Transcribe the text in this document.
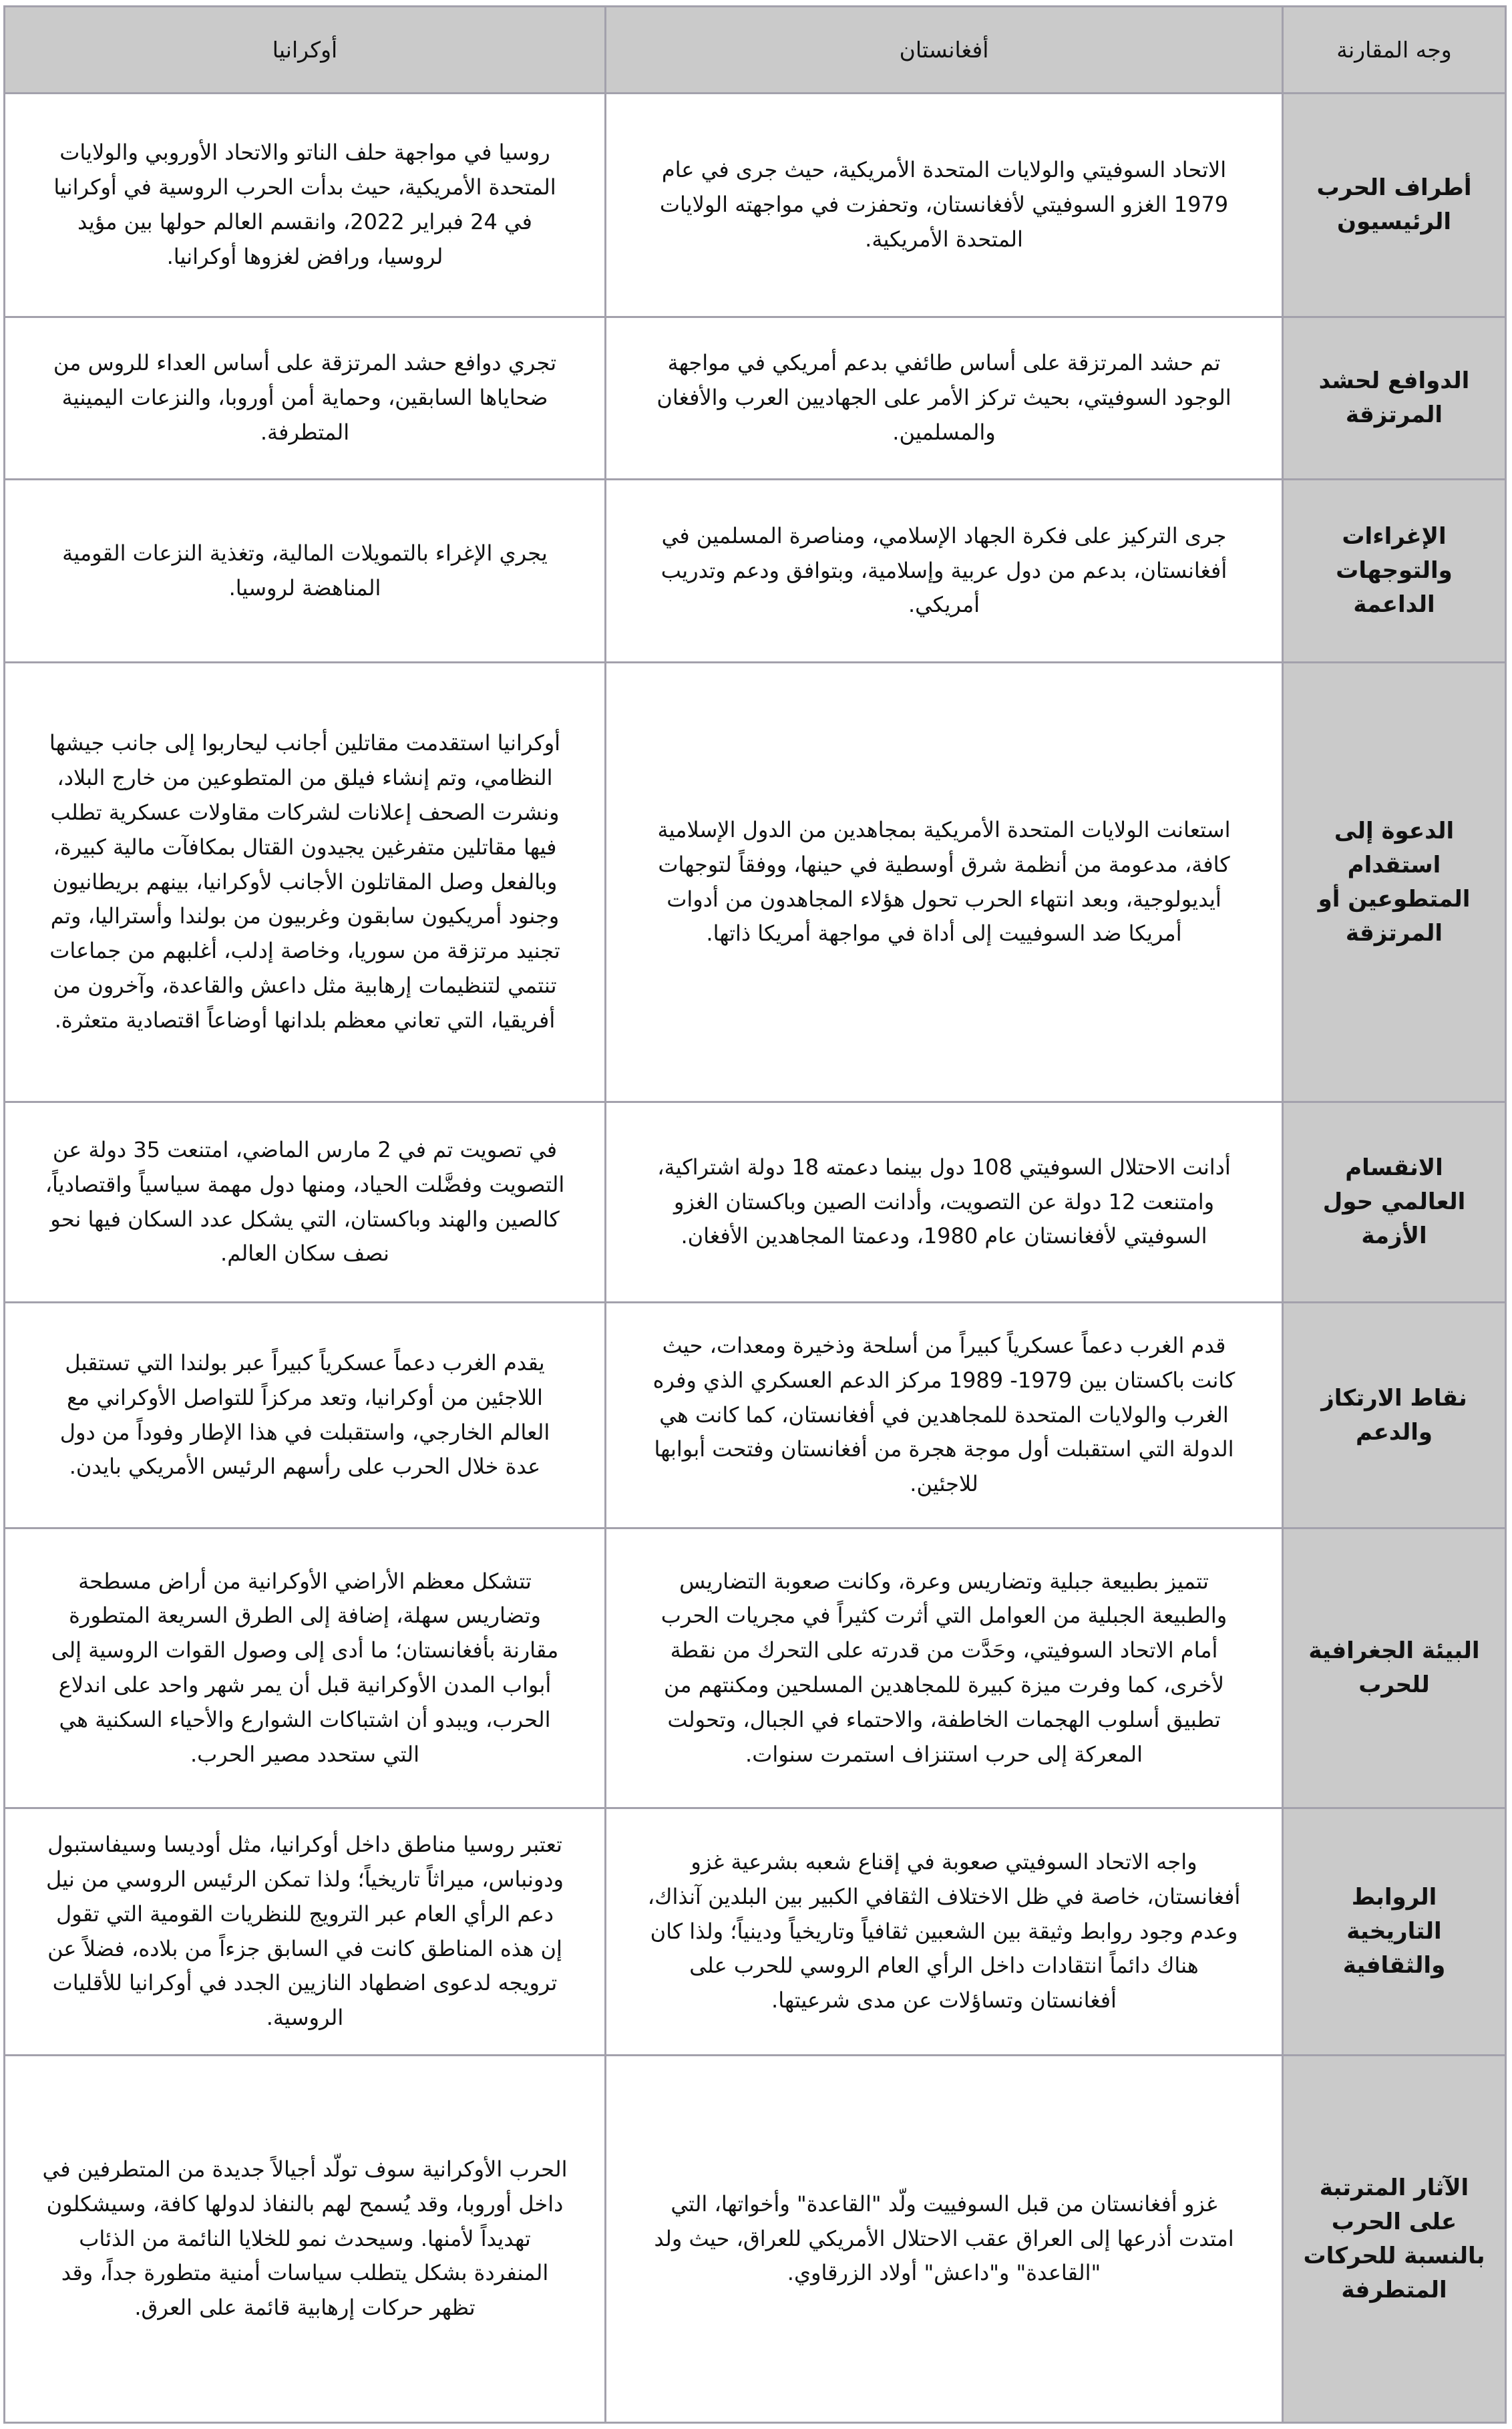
وجه المقارنة	أفغانستان	أوكرانيا
أطراف الحرب الرئيسيون	الاتحاد السوفيتي والولايات المتحدة الأمريكية، حيث جرى في عام 1979 الغزو السوفيتي لأفغانستان، وتحفزت في مواجهته الولايات المتحدة الأمريكية.	روسيا في مواجهة حلف الناتو والاتحاد الأوروبي والولايات المتحدة الأمريكية، حيث بدأت الحرب الروسية في أوكرانيا في 24 فبراير 2022، وانقسم العالم حولها بين مؤيد لروسيا، ورافض لغزوها أوكرانيا.
الدوافع لحشد المرتزقة	تم حشد المرتزقة على أساس طائفي بدعم أمريكي في مواجهة الوجود السوفيتي، بحيث تركز الأمر على الجهاديين العرب والأفغان والمسلمين.	تجري دوافع حشد المرتزقة على أساس العداء للروس من ضحاياها السابقين، وحماية أمن أوروبا، والنزعات اليمينية المتطرفة.
الإغراءات والتوجهات الداعمة	جرى التركيز على فكرة الجهاد الإسلامي، ومناصرة المسلمين في أفغانستان، بدعم من دول عربية وإسلامية، وبتوافق ودعم وتدريب أمريكي.	يجري الإغراء بالتمويلات المالية، وتغذية النزعات القومية المناهضة لروسيا.
الدعوة إلى استقدام المتطوعين أو المرتزقة	استعانت الولايات المتحدة الأمريكية بمجاهدين من الدول الإسلامية كافة، مدعومة من أنظمة شرق أوسطية في حينها، ووفقاً لتوجهات أيديولوجية، وبعد انتهاء الحرب تحول هؤلاء المجاهدون من أدوات أمريكا ضد السوفييت إلى أداة في مواجهة أمريكا ذاتها.	أوكرانيا استقدمت مقاتلين أجانب ليحاربوا إلى جانب جيشها النظامي، وتم إنشاء فيلق من المتطوعين من خارج البلاد، ونشرت الصحف إعلانات لشركات مقاولات عسكرية تطلب فيها مقاتلين متفرغين يجيدون القتال بمكافآت مالية كبيرة، وبالفعل وصل المقاتلون الأجانب لأوكرانيا، بينهم بريطانيون وجنود أمريكيون سابقون وغربيون من بولندا وأستراليا، وتم تجنيد مرتزقة من سوريا، وخاصة إدلب، أغلبهم من جماعات تنتمي لتنظيمات إرهابية مثل داعش والقاعدة، وآخرون من أفريقيا، التي تعاني معظم بلدانها أوضاعاً اقتصادية متعثرة.
الانقسام العالمي حول الأزمة	أدانت الاحتلال السوفيتي 108 دول بينما دعمته 18 دولة اشتراكية، وامتنعت 12 دولة عن التصويت، وأدانت الصين وباكستان الغزو السوفيتي لأفغانستان عام 1980، ودعمتا المجاهدين الأفغان.	في تصويت تم في 2 مارس الماضي، امتنعت 35 دولة عن التصويت وفضَّلت الحياد، ومنها دول مهمة سياسياً واقتصادياً، كالصين والهند وباكستان، التي يشكل عدد السكان فيها نحو نصف سكان العالم.
نقاط الارتكاز والدعم	قدم الغرب دعماً عسكرياً كبيراً من أسلحة وذخيرة ومعدات، حيث كانت باكستان بين 1979- 1989 مركز الدعم العسكري الذي وفره الغرب والولايات المتحدة للمجاهدين في أفغانستان، كما كانت هي الدولة التي استقبلت أول موجة هجرة من أفغانستان وفتحت أبوابها للاجئين.	يقدم الغرب دعماً عسكرياً كبيراً عبر بولندا التي تستقبل اللاجئين من أوكرانيا، وتعد مركزاً للتواصل الأوكراني مع العالم الخارجي، واستقبلت في هذا الإطار وفوداً من دول عدة خلال الحرب على رأسهم الرئيس الأمريكي بايدن.
البيئة الجغرافية للحرب	تتميز بطبيعة جبلية وتضاريس وعرة، وكانت صعوبة التضاريس والطبيعة الجبلية من العوامل التي أثرت كثيراً في مجريات الحرب أمام الاتحاد السوفيتي، وحَدَّت من قدرته على التحرك من نقطة لأخرى، كما وفرت ميزة كبيرة للمجاهدين المسلحين ومكنتهم من تطبيق أسلوب الهجمات الخاطفة، والاحتماء في الجبال، وتحولت المعركة إلى حرب استنزاف استمرت سنوات.	تتشكل معظم الأراضي الأوكرانية من أراض مسطحة وتضاريس سهلة، إضافة إلى الطرق السريعة المتطورة مقارنة بأفغانستان؛ ما أدى إلى وصول القوات الروسية إلى أبواب المدن الأوكرانية قبل أن يمر شهر واحد على اندلاع الحرب، ويبدو أن اشتباكات الشوارع والأحياء السكنية هي التي ستحدد مصير الحرب.
الروابط التاريخية والثقافية	واجه الاتحاد السوفيتي صعوبة في إقناع شعبه بشرعية غزو أفغانستان، خاصة في ظل الاختلاف الثقافي الكبير بين البلدين آنذاك، وعدم وجود روابط وثيقة بين الشعبين ثقافياً وتاريخياً ودينياً؛ ولذا كان هناك دائماً انتقادات داخل الرأي العام الروسي للحرب على أفغانستان وتساؤلات عن مدى شرعيتها.	تعتبر روسيا مناطق داخل أوكرانيا، مثل أوديسا وسيفاستبول ودونباس، ميراثاً تاريخياً؛ ولذا تمكن الرئيس الروسي من نيل دعم الرأي العام عبر الترويج للنظريات القومية التي تقول إن هذه المناطق كانت في السابق جزءاً من بلاده، فضلاً عن ترويجه لدعوى اضطهاد النازيين الجدد في أوكرانيا للأقليات الروسية.
الآثار المترتبة على الحرب بالنسبة للحركات المتطرفة	غزو أفغانستان من قبل السوفييت ولّد "القاعدة" وأخواتها، التي امتدت أذرعها إلى العراق عقب الاحتلال الأمريكي للعراق، حيث ولد "القاعدة" و"داعش" أولاد الزرقاوي.	الحرب الأوكرانية سوف تولّد أجيالاً جديدة من المتطرفين في داخل أوروبا، وقد يُسمح لهم بالنفاذ لدولها كافة، وسيشكلون تهديداً لأمنها. وسيحدث نمو للخلايا النائمة من الذئاب المنفردة بشكل يتطلب سياسات أمنية متطورة جداً، وقد تظهر حركات إرهابية قائمة على العرق.
